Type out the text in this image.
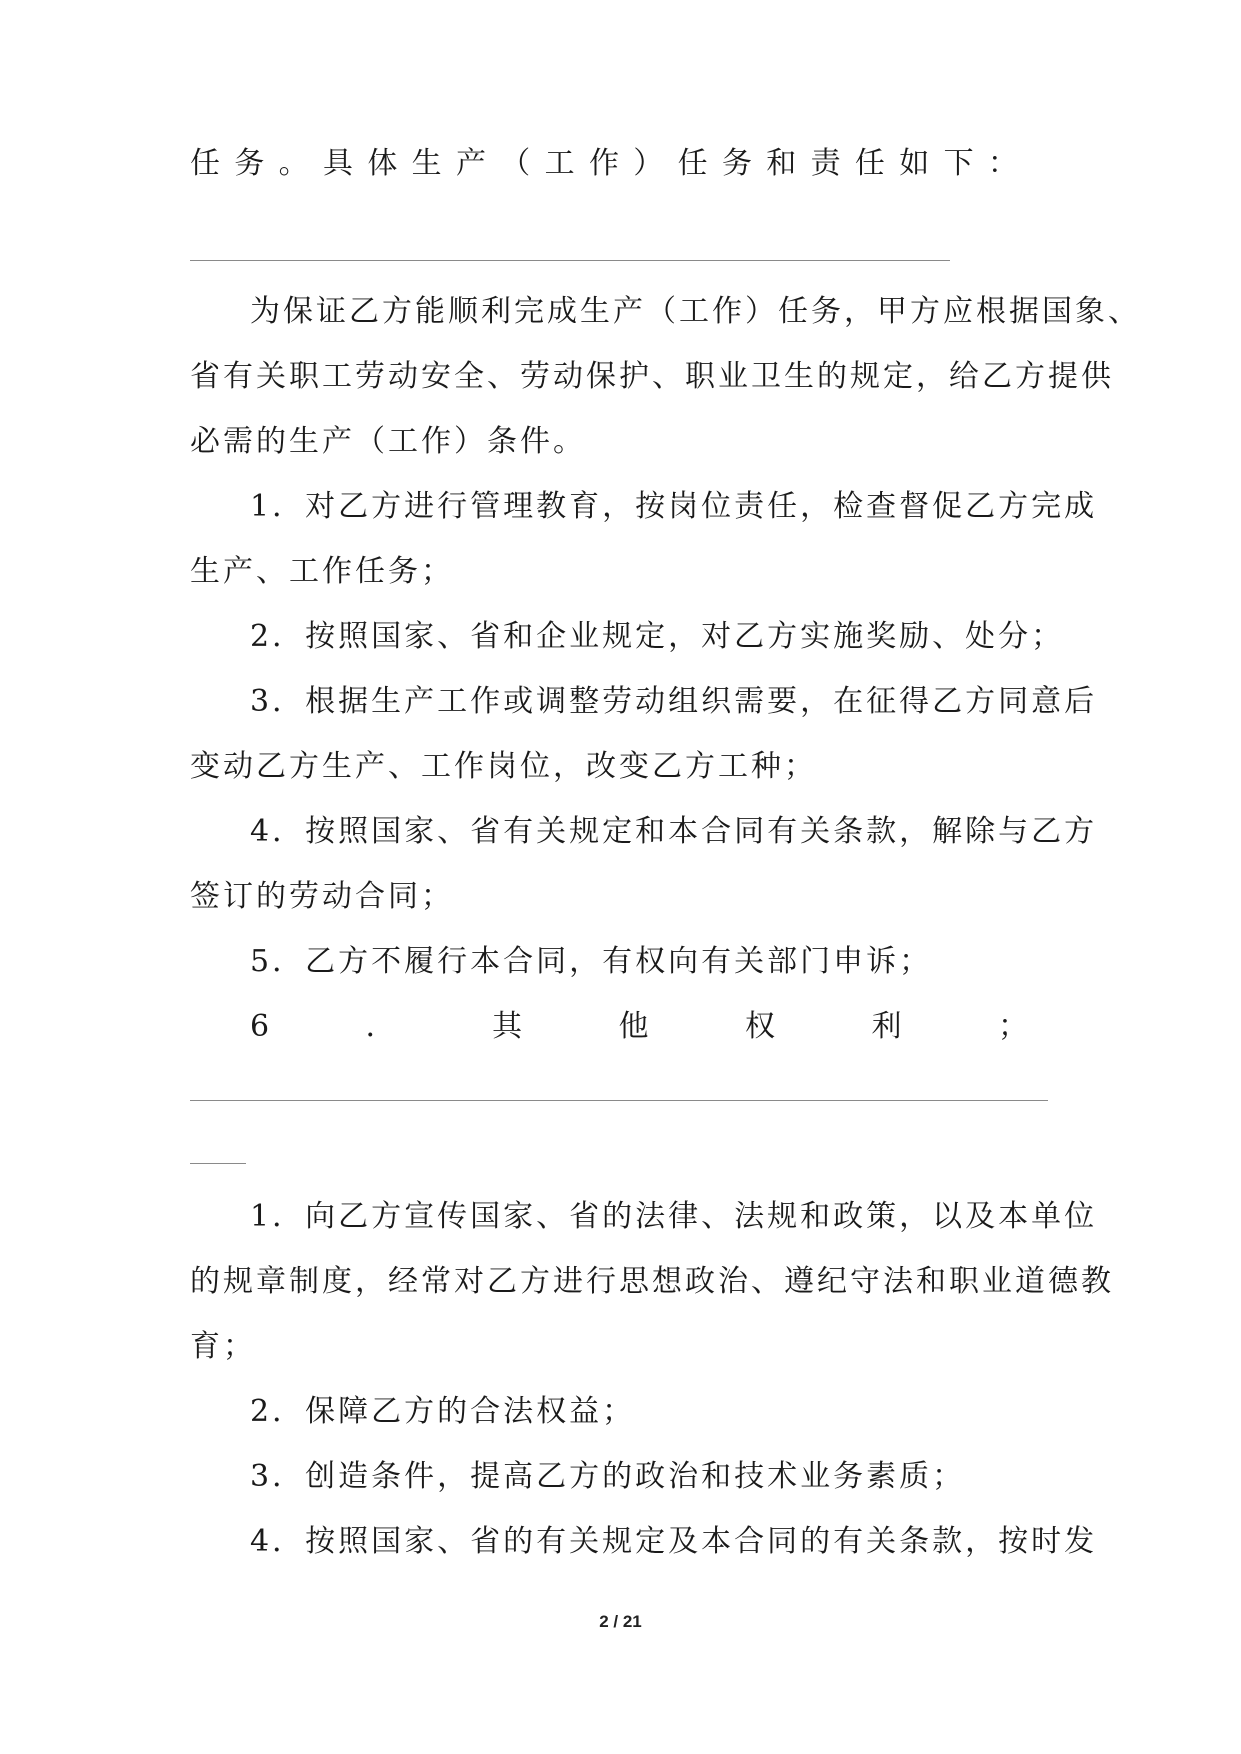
任 务 。 具 体 生 产 （ 工 作 ） 任 务 和 责 任 如 下 ：
为保证乙方能顺利完成生产（工作）任务，甲方应根据国象、
省有关职工劳动安全、劳动保护、职业卫生的规定，给乙方提供
必需的生产（工作）条件。
1．对乙方进行管理教育，按岗位责任，检查督促乙方完成
生产、工作任务；
2．按照国家、省和企业规定，对乙方实施奖励、处分；
3．根据生产工作或调整劳动组织需要，在征得乙方同意后
变动乙方生产、工作岗位，改变乙方工种；
4．按照国家、省有关规定和本合同有关条款，解除与乙方
签订的劳动合同；
5．乙方不履行本合同，有权向有关部门申诉；
6	．	其	他	权	利	；
1．向乙方宣传国家、省的法律、法规和政策，以及本单位
的规章制度，经常对乙方进行思想政治、遵纪守法和职业道德教
育；
2．保障乙方的合法权益；
3．创造条件，提高乙方的政治和技术业务素质；
4．按照国家、省的有关规定及本合同的有关条款，按时发
2 / 21
